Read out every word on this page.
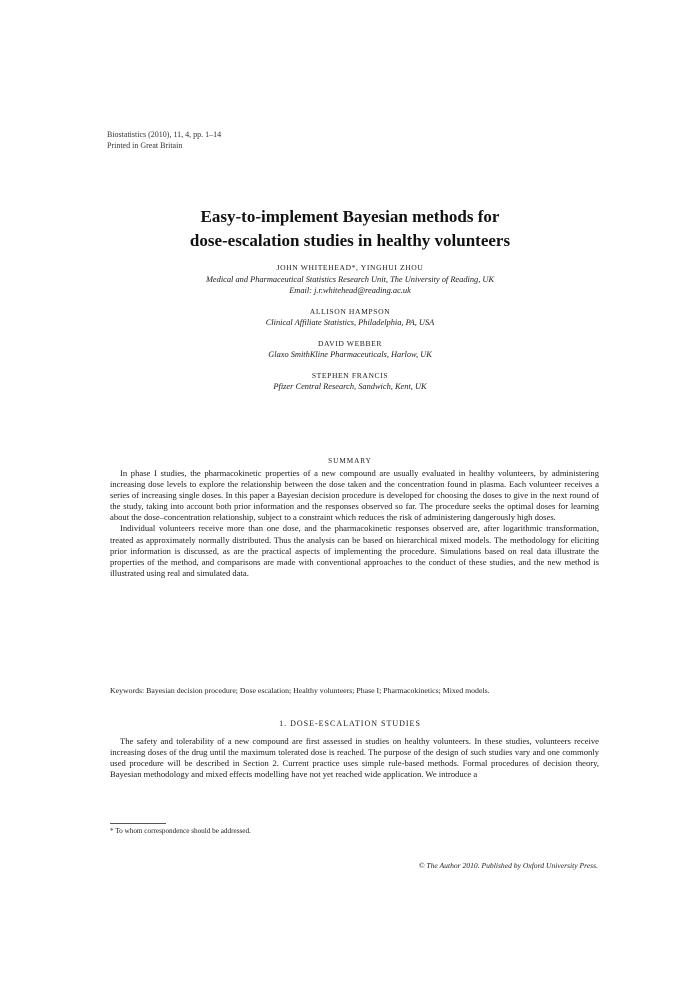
Biostatistics (2010), 11, 4, pp. 1–14
Printed in Great Britain
Easy-to-implement Bayesian methods for
dose-escalation studies in healthy volunteers
JOHN WHITEHEAD*, YINGHUI ZHOU
Medical and Pharmaceutical Statistics Research Unit, The University of Reading, UK
Email: j.r.whitehead@reading.ac.uk
ALLISON HAMPSON
Clinical Affiliate Statistics, Philadelphia, PA, USA
DAVID WEBBER
Glaxo SmithKline Pharmaceuticals, Harlow, UK
STEPHEN FRANCIS
Pfizer Central Research, Sandwich, Kent, UK
SUMMARY

In phase I studies, the pharmacokinetic properties of a new compound are usually evaluated in healthy volunteers, by administering increasing dose levels to explore the relationship between the dose taken and the concentration found in plasma. Each volunteer receives a series of increasing single doses. In this paper a Bayesian decision procedure is developed for choosing the doses to give in the next round of the study, taking into account both prior information and the responses observed so far. The procedure seeks the optimal doses for learning about the dose–concentration relationship, subject to a constraint which reduces the risk of administering dangerously high doses.

Individual volunteers receive more than one dose, and the pharmacokinetic responses observed are, after logarithmic transformation, treated as approximately normally distributed. Thus the analysis can be based on hierarchical mixed models. The methodology for eliciting prior information is discussed, as are the practical aspects of implementing the procedure. Simulations based on real data illustrate the properties of the method, and comparisons are made with conventional approaches to the conduct of these studies, and the new method is illustrated using real and simulated data.

Keywords: Bayesian decision procedure; Dose escalation; Healthy volunteers; Phase I; Pharmacokinetics; Mixed models.
1. DOSE-ESCALATION STUDIES

The safety and tolerability of a new compound are first assessed in studies on healthy volunteers. In these studies, volunteers receive increasing doses of the drug until the maximum tolerated dose is reached. The purpose of the design of such studies vary and one commonly used procedure will be described in Section 2. Current practice uses simple rule-based methods. Formal procedures of decision theory, Bayesian methodology and mixed effects modelling have not yet reached wide application. We introduce a

* To whom correspondence should be addressed.
© The Author 2010. Published by Oxford University Press.
